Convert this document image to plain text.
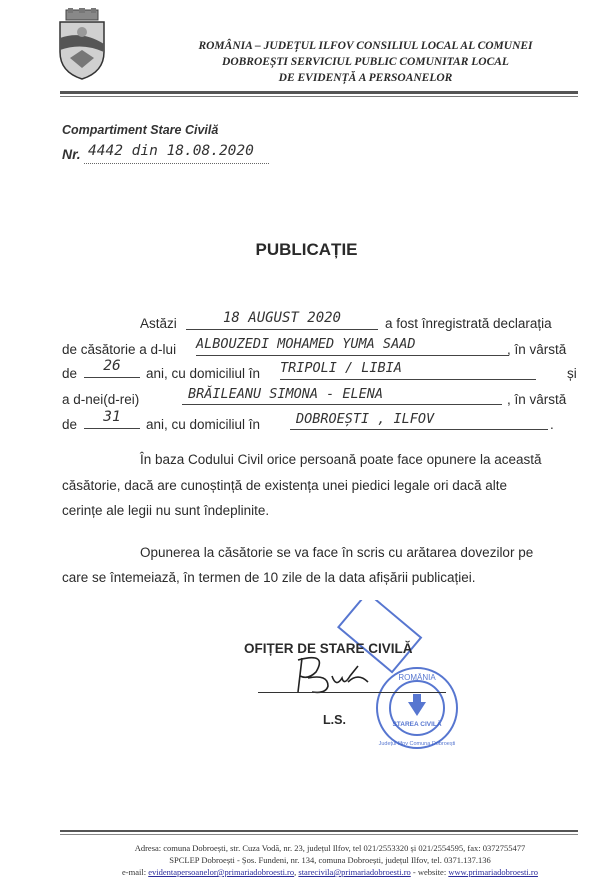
ROMÂNIA – JUDEȚUL ILFOV CONSILIUL LOCAL AL COMUNEI
DOBROEȘTI SERVICIUL PUBLIC COMUNITAR LOCAL
DE EVIDENȚĂ A PERSOANELOR
Compartiment Stare Civilă
Nr. 4442 din 18.08.2020
PUBLICAȚIE
Astăzi	18 AUGUST 2020	a fost înregistrată declarația
de căsătorie a d-lui ALBOUZEDI MOHAMED YUMA SAAD	, în vârstă
de	26	ani, cu domiciliul în TRIPOLI / LIBIA	și
a d-nei(d-rei)	BRĂILEANU SIMONA - ELENA	, în vârstă
de	31	ani, cu domiciliul în	DOBROEȘTI , ILFOV	.
În baza Codului Civil orice persoană poate face opunere la această
căsătorie, dacă are cunoștință de existența unei piedici legale ori dacă alte
cerințe ale legii nu sunt îndeplinite.
Opunerea la căsătorie se va face în scris cu arătarea dovezilor pe
care se întemeiază, în termen de 10 zile de la data afișării publicației.
STAREA CIVILĂ
ROMÂNIA
Județul Ilfov Comuna Dobroești
OFIȚER DE STARE CIVILĂ
L.S.
Adresa: comuna Dobroești, str. Cuza Vodă, nr. 23, județul Ilfov, tel 021/2553320 și 021/2554595, fax: 0372755477
SPCLEP Dobroești - Șos. Fundeni, nr. 134, comuna Dobroești, județul Ilfov, tel. 0371.137.136
e-mail: evidentapersoanelor@primariadobroesti.ro, starecivila@primariadobroesti.ro - website: www.primariadobroesti.ro
